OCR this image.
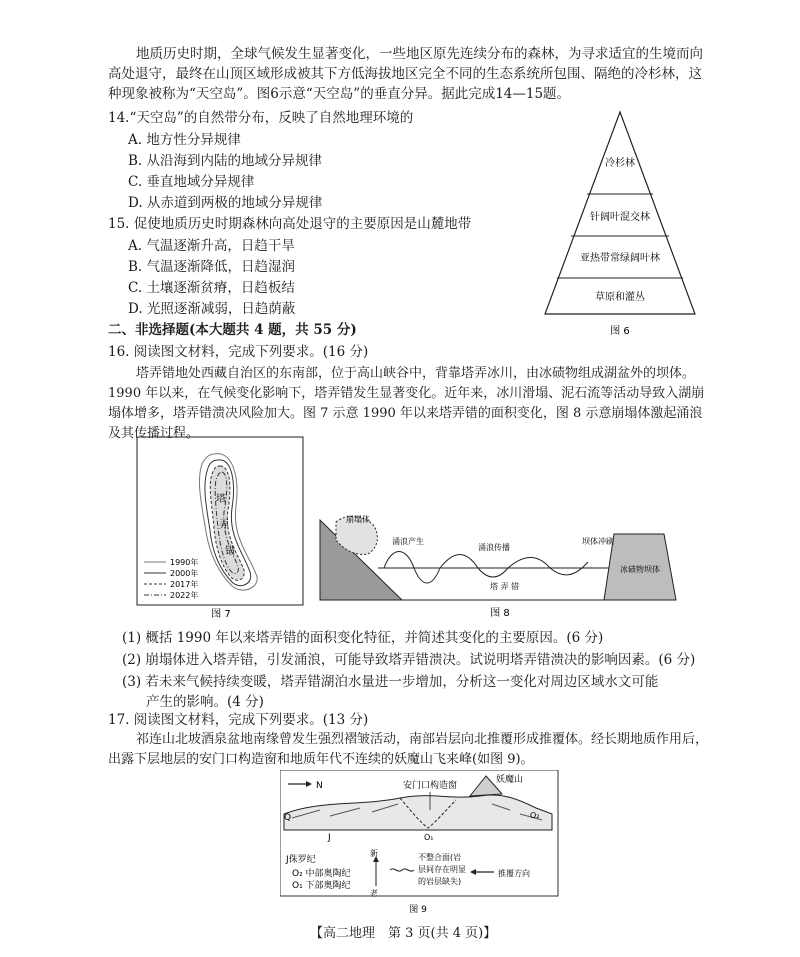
地质历史时期，全球气候发生显著变化，一些地区原先连续分布的森林，为寻求适宜的生境而向高处退守，最终在山顶区域形成被其下方低海拔地区完全不同的生态系统所包围、隔绝的冷杉林，这种现象被称为“天空岛”。图6示意“天空岛”的垂直分异。据此完成14—15题。
14.“天空岛”的自然带分布，反映了自然地理环境的
A. 地方性分异规律
B. 从沿海到内陆的地域分异规律
C. 垂直地域分异规律
D. 从赤道到两极的地域分异规律
15. 促使地质历史时期森林向高处退守的主要原因是山麓地带
A. 气温逐渐升高，日趋干旱
B. 气温逐渐降低，日趋湿润
C. 土壤逐渐贫瘠，日趋板结
D. 光照逐渐减弱，日趋荫蔽
冷杉林
针阔叶混交林
亚热带常绿阔叶林
草原和灌丛
图 6
二、非选择题(本大题共 4 题，共 55 分)
16. 阅读图文材料，完成下列要求。(16 分)
塔弄错地处西藏自治区的东南部，位于高山峡谷中，背靠塔弄冰川，由冰碛物组成湖盆外的坝体。1990 年以来，在气候变化影响下，塔弄错发生显著变化。近年来，冰川滑塌、泥石流等活动导致入湖崩塌体增多，塔弄错溃决风险加大。图 7 示意 1990 年以来塔弄错的面积变化，图 8 示意崩塌体激起涌浪及其传播过程。
塔
弄
错
1990年
2000年
2017年
2022年
图 7
崩塌体
涌浪产生
涌浪传播
坝体冲刷
塔 弄 错
冰碛物坝体
图 8
(1) 概括 1990 年以来塔弄错的面积变化特征，并简述其变化的主要原因。(6 分)
(2) 崩塌体进入塔弄错，引发涌浪，可能导致塔弄错溃决。试说明塔弄错溃决的影响因素。(6 分)
(3) 若未来气候持续变暖，塔弄错湖泊水量进一步增加，分析这一变化对周边区域水文可能
产生的影响。(4 分)
17. 阅读图文材料，完成下列要求。(13 分)
祁连山北坡酒泉盆地南缘曾发生强烈褶皱活动，南部岩层向北推覆形成推覆体。经长期地质作用后，出露下层地层的安门口构造窗和地质年代不连续的妖魔山飞来峰(如图 9)。
N	安门口构造窗
妖魔山
Q
J	O₁
O₂
J侏罗纪
O₂ 中部奥陶纪
O₁ 下部奥陶纪
新
老
不整合面(岩
层间存在明显
的岩层缺失)
推覆方向
图 9
【高二地理　第 3 页(共 4 页)】
